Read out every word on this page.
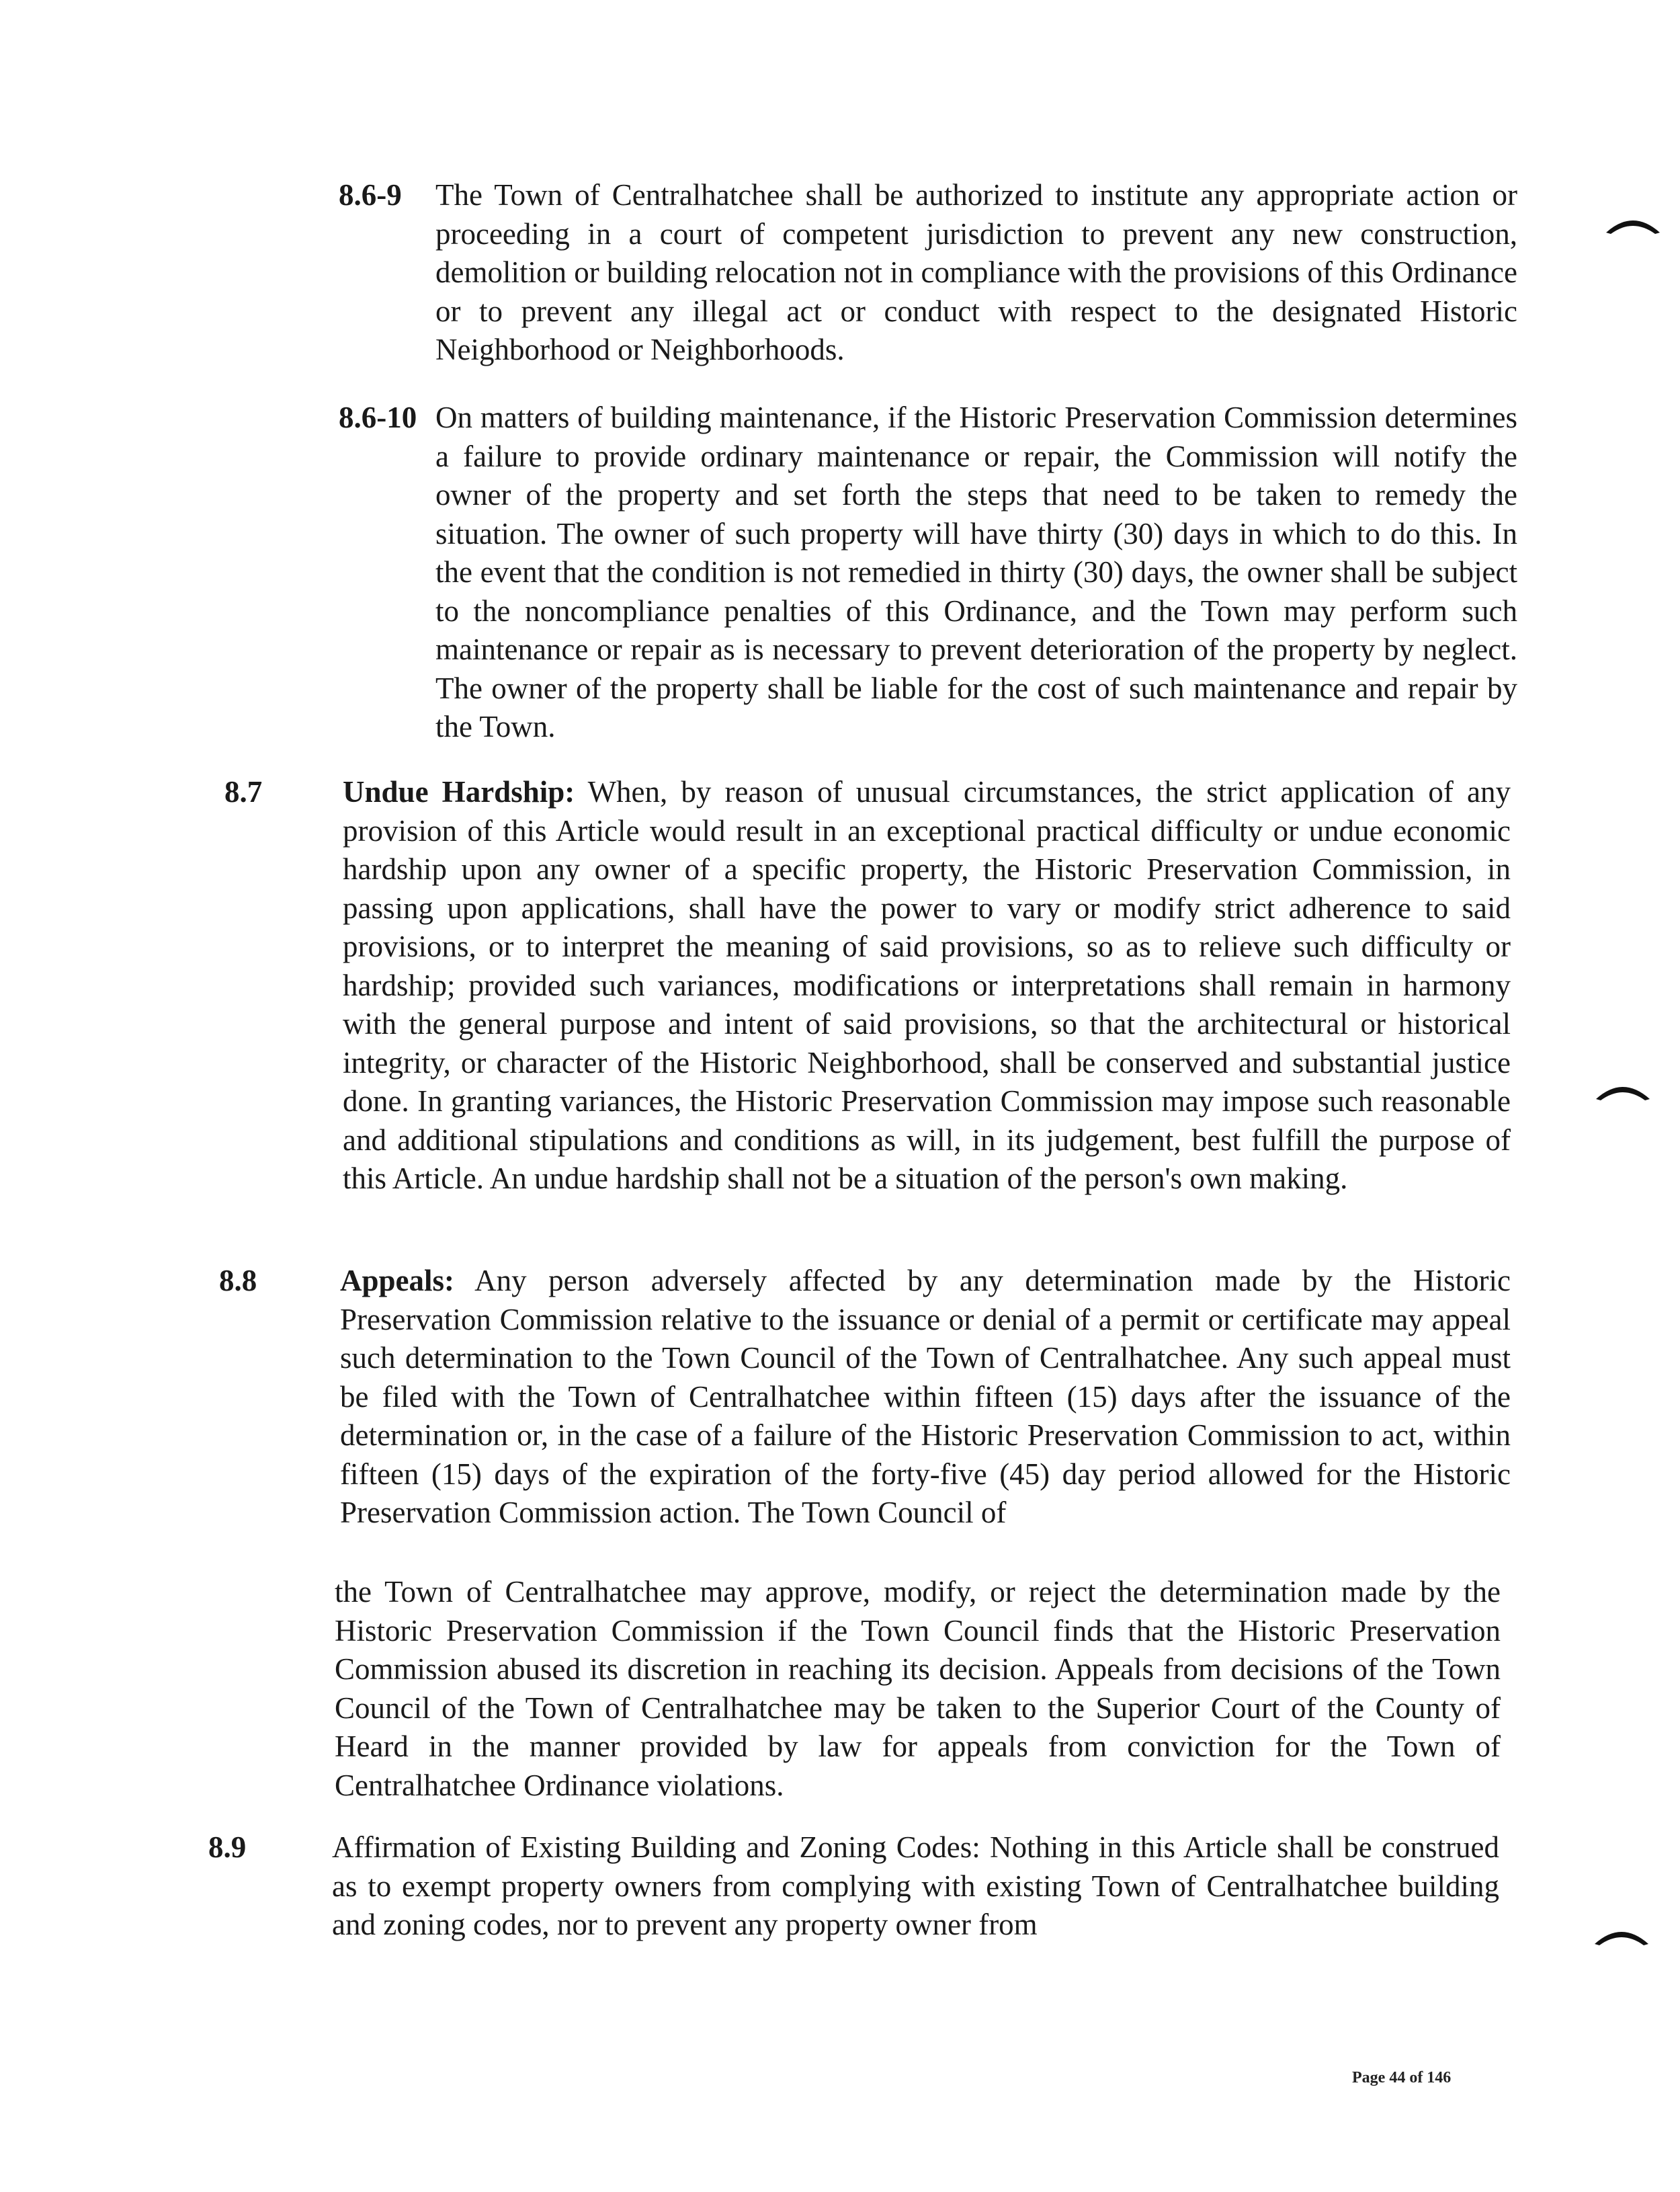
8.6-9 The Town of Centralhatchee shall be authorized to institute any appropriate action or proceeding in a court of competent jurisdiction to prevent any new construction, demolition or building relocation not in compliance with the provisions of this Ordinance or to prevent any illegal act or conduct with respect to the designated Historic Neighborhood or Neighborhoods.

8.6-10 On matters of building maintenance, if the Historic Preservation Commission determines a failure to provide ordinary maintenance or repair, the Commission will notify the owner of the property and set forth the steps that need to be taken to remedy the situation. The owner of such property will have thirty (30) days in which to do this. In the event that the condition is not remedied in thirty (30) days, the owner shall be subject to the noncompliance penalties of this Ordinance, and the Town may perform such maintenance or repair as is necessary to prevent deterioration of the property by neglect. The owner of the property shall be liable for the cost of such maintenance and repair by the Town.

8.7	Undue Hardship: When, by reason of unusual circumstances, the strict application of any provision of this Article would result in an exceptional practical difficulty or undue economic hardship upon any owner of a specific property, the Historic Preservation Commission, in passing upon applications, shall have the power to vary or modify strict adherence to said provisions, or to interpret the meaning of said provisions, so as to relieve such difficulty or hardship; provided such variances, modifications or interpretations shall remain in harmony with the general purpose and intent of said provisions, so that the architectural or historical integrity, or character of the Historic Neighborhood, shall be conserved and substantial justice done. In granting variances, the Historic Preservation Commission may impose such reasonable and additional stipulations and conditions as will, in its judgement, best fulfill the purpose of this Article. An undue hardship shall not be a situation of the person's own making.

8.8	Appeals: Any person adversely affected by any determination made by the Historic Preservation Commission relative to the issuance or denial of a permit or certificate may appeal such determination to the Town Council of the Town of Centralhatchee. Any such appeal must be filed with the Town of Centralhatchee within fifteen (15) days after the issuance of the determination or, in the case of a failure of the Historic Preservation Commission to act, within fifteen (15) days of the expiration of the forty-five (45) day period allowed for the Historic Preservation Commission action. The Town Council of

the Town of Centralhatchee may approve, modify, or reject the determination made by the Historic Preservation Commission if the Town Council finds that the Historic Preservation Commission abused its discretion in reaching its decision. Appeals from decisions of the Town Council of the Town of Centralhatchee may be taken to the Superior Court of the County of Heard in the manner provided by law for appeals from conviction for the Town of Centralhatchee Ordinance violations.

8.9	Affirmation of Existing Building and Zoning Codes: Nothing in this Article shall be construed as to exempt property owners from complying with existing Town of Centralhatchee building and zoning codes, nor to prevent any property owner from

Page 44 of 146
